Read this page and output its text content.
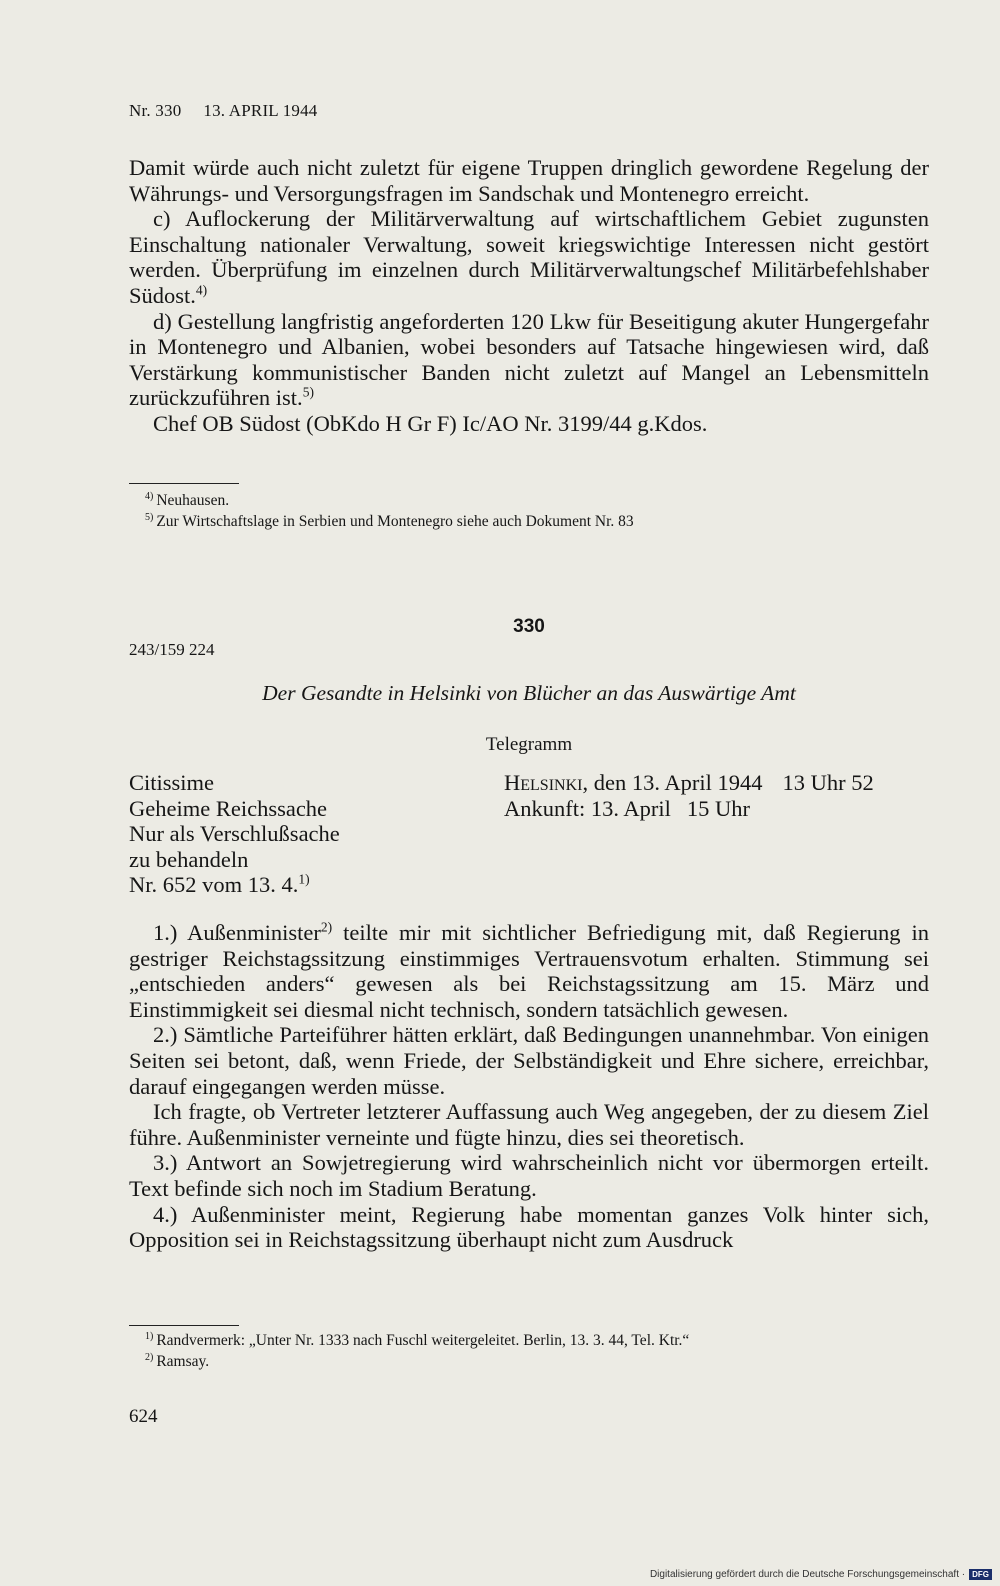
Nr. 330 13. APRIL 1944

Damit würde auch nicht zuletzt für eigene Truppen dringlich gewordene Regelung der Währungs- und Versorgungsfragen im Sandschak und Montenegro erreicht.

c) Auflockerung der Militärverwaltung auf wirtschaftlichem Gebiet zugunsten Einschaltung nationaler Verwaltung, soweit kriegswichtige Interessen nicht gestört werden. Überprüfung im einzelnen durch Militärverwaltungschef Militärbefehlshaber Südost.$^{4)}$

d) Gestellung langfristig angeforderten 120 Lkw für Beseitigung akuter Hungergefahr in Montenegro und Albanien, wobei besonders auf Tatsache hingewiesen wird, daß Verstärkung kommunistischer Banden nicht zuletzt auf Mangel an Lebensmitteln zurückzuführen ist.$^{5)}$

Chef OB Südost (ObKdo H Gr F) Ic/AO Nr. 3199/44 g.Kdos.

$^{4)}$ Neuhausen.
$^{5)}$ Zur Wirtschaftslage in Serbien und Montenegro siehe auch Dokument Nr. 83
330
243/159 224
Der Gesandte in Helsinki von Blücher an das Auswärtige Amt
Telegramm
Citissime
Geheime Reichssache
Nur als Verschlußsache
zu behandeln
Nr. 652 vom 13. 4.$^{1)}$
Helsinki, den 13. April 1944 13 Uhr 52
Ankunft: 13. April 15 Uhr

1.) Außenminister$^{2)}$ teilte mir mit sichtlicher Befriedigung mit, daß Regierung in gestriger Reichstagssitzung einstimmiges Vertrauensvotum erhalten. Stimmung sei „entschieden anders“ gewesen als bei Reichstagssitzung am 15. März und Einstimmigkeit sei diesmal nicht technisch, sondern tatsächlich gewesen.

2.) Sämtliche Parteiführer hätten erklärt, daß Bedingungen unannehmbar. Von einigen Seiten sei betont, daß, wenn Friede, der Selbständigkeit und Ehre sichere, erreichbar, darauf eingegangen werden müsse.

Ich fragte, ob Vertreter letzterer Auffassung auch Weg angegeben, der zu diesem Ziel führe. Außenminister verneinte und fügte hinzu, dies sei theoretisch.

3.) Antwort an Sowjetregierung wird wahrscheinlich nicht vor übermorgen erteilt. Text befinde sich noch im Stadium Beratung.

4.) Außenminister meint, Regierung habe momentan ganzes Volk hinter sich, Opposition sei in Reichstagssitzung überhaupt nicht zum Ausdruck

$^{1)}$ Randvermerk: „Unter Nr. 1333 nach Fuschl weitergeleitet. Berlin, 13. 3. 44, Tel. Ktr.“
$^{2)}$ Ramsay.
624
Digitalisierung gefördert durch die Deutsche Forschungsgemeinschaft · DFG
